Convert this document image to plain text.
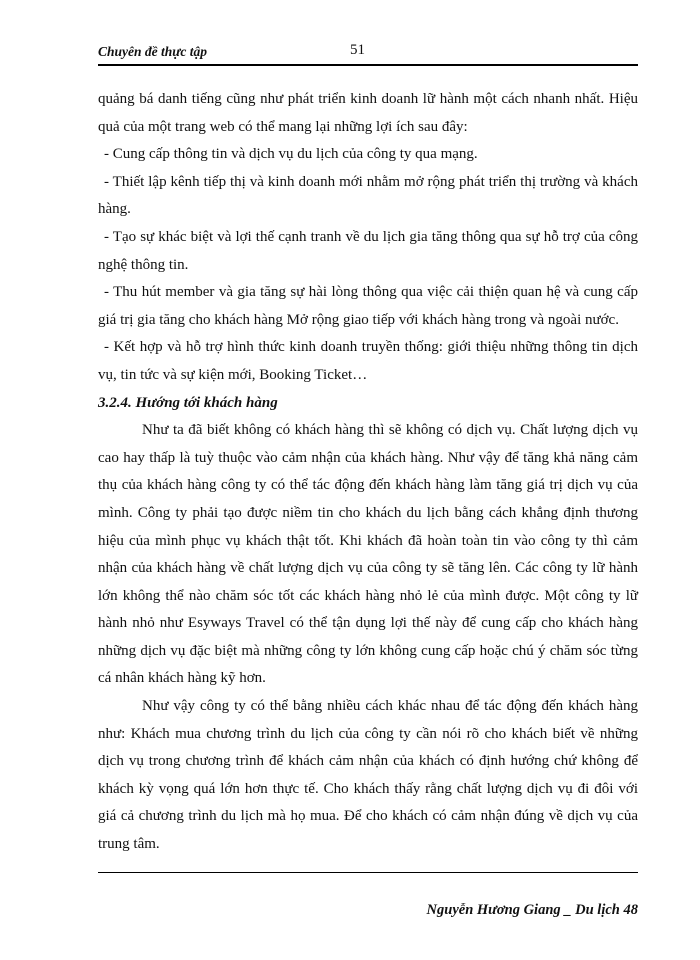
Chuyên đề thực tập	51

quảng bá danh tiếng cũng như phát triển kinh doanh lữ hành một cách nhanh nhất. Hiệu quả của một trang web có thể mang lại những lợi ích sau đây:

- Cung cấp thông tin và dịch vụ du lịch của công ty qua mạng.

- Thiết lập kênh tiếp thị và kinh doanh mới nhằm mở rộng phát triển thị trường và khách hàng.

- Tạo sự khác biệt và lợi thế cạnh tranh về du lịch gia tăng thông qua sự hỗ trợ của công nghệ thông tin.

- Thu hút member và gia tăng sự hài lòng thông qua việc cải thiện quan hệ và cung cấp giá trị gia tăng cho khách hàng Mở rộng giao tiếp với khách hàng trong và ngoài nước.

- Kết hợp và hỗ trợ hình thức kinh doanh truyền thống: giới thiệu những thông tin dịch vụ, tin tức và sự kiện mới, Booking Ticket…

3.2.4. Hướng tới khách hàng

Như ta đã biết không có khách hàng thì sẽ không có dịch vụ. Chất lượng dịch vụ cao hay thấp là tuỳ thuộc vào cảm nhận của khách hàng. Như vậy để tăng khả năng cảm thụ của khách hàng công ty có thể tác động đến khách hàng làm tăng giá trị dịch vụ của mình. Công ty phải tạo được niềm tin cho khách du lịch bằng cách khẳng định thương hiệu của mình phục vụ khách thật tốt. Khi khách đã hoàn toàn tin vào công ty thì cảm nhận của khách hàng về chất lượng dịch vụ của công ty sẽ tăng lên. Các công ty lữ hành lớn không thể nào chăm sóc tốt các khách hàng nhỏ lẻ của mình được. Một công ty lữ hành nhỏ như Esyways Travel có thể tận dụng lợi thế này để cung cấp cho khách hàng những dịch vụ đặc biệt mà những công ty lớn không cung cấp hoặc chú ý chăm sóc từng cá nhân khách hàng kỹ hơn.

Như vậy công ty có thể bằng nhiều cách khác nhau để tác động đến khách hàng như: Khách mua chương trình du lịch của công ty cần nói rõ cho khách biết về những dịch vụ trong chương trình để khách cảm nhận của khách có định hướng chứ không để khách kỳ vọng quá lớn hơn thực tế. Cho khách thấy rằng chất lượng dịch vụ đi đôi với giá cả chương trình du lịch mà họ mua. Để cho khách có cảm nhận đúng về dịch vụ của trung tâm.

Nguyễn Hương Giang _ Du lịch 48
